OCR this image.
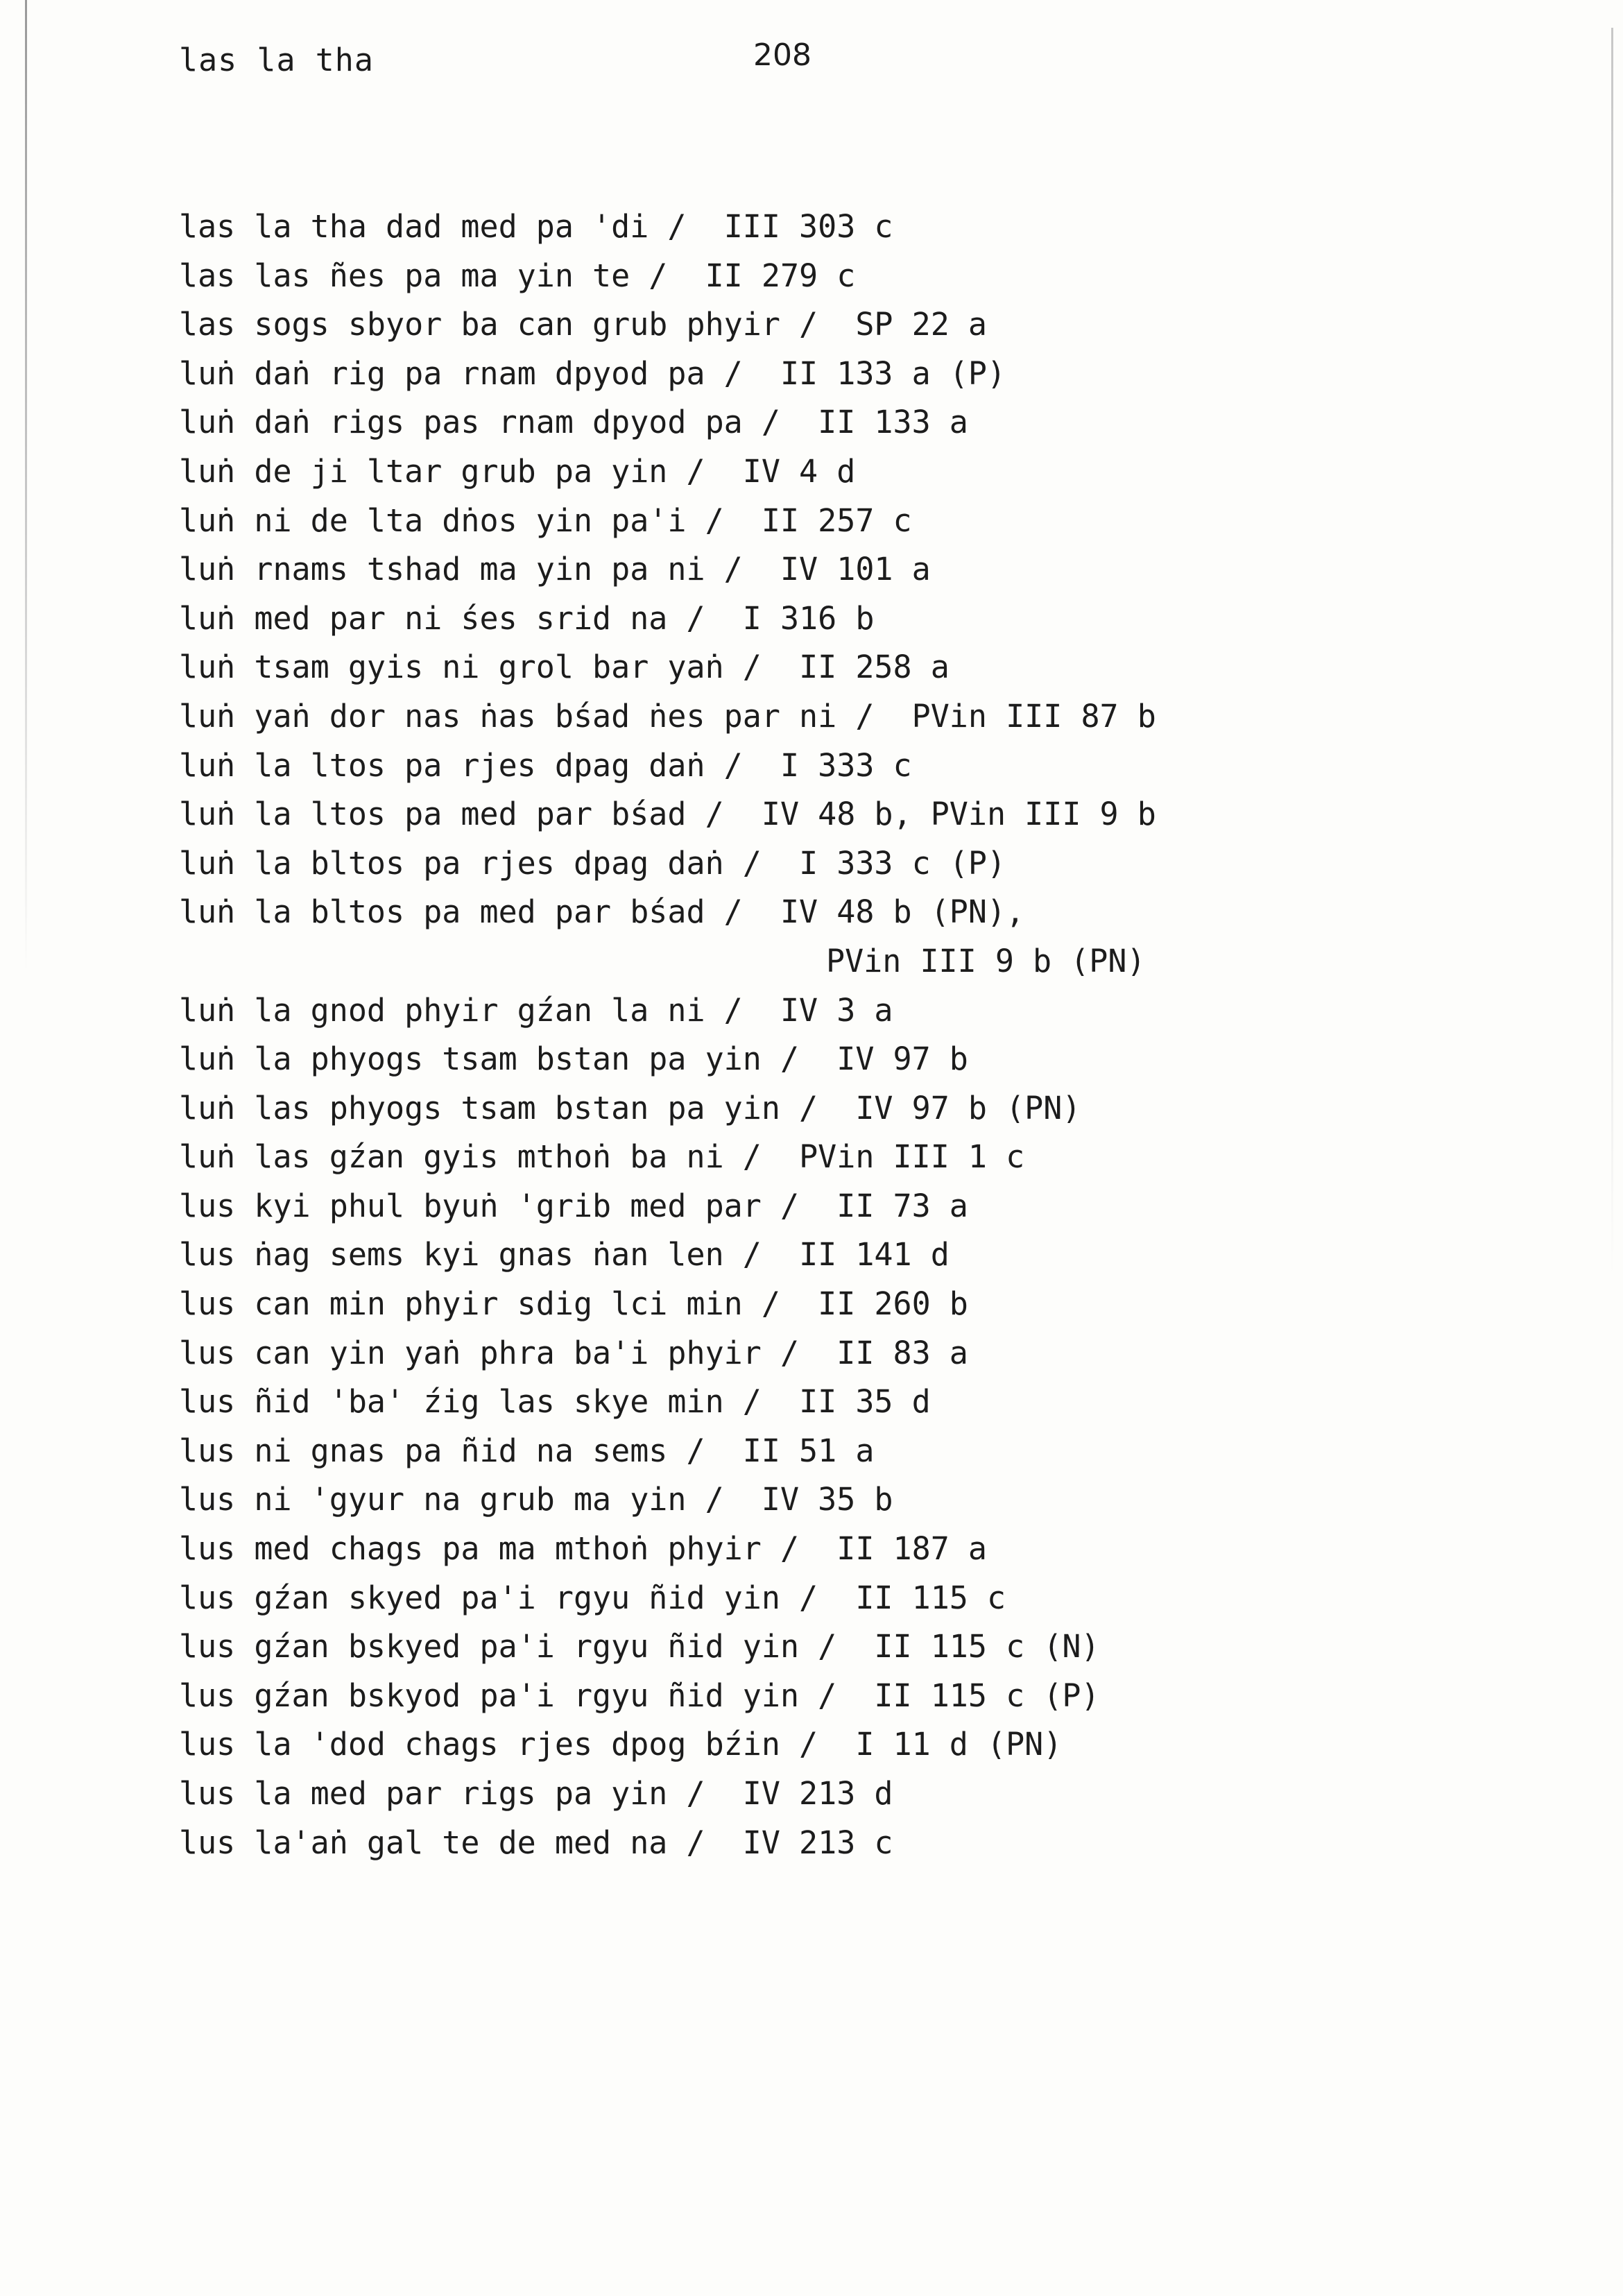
las la tha	208
las la tha dad med pa 'di / III 303 c
las las ñes pa ma yin te / II 279 c
las sogs sbyor ba can grub phyir / SP 22 a
luṅ daṅ rig pa rnam dpyod pa / II 133 a (P)
luṅ daṅ rigs pas rnam dpyod pa / II 133 a
luṅ de ji ltar grub pa yin / IV 4 d
luṅ ni de lta dṅos yin pa'i / II 257 c
luṅ rnams tshad ma yin pa ni / IV 101 a
luṅ med par ni śes srid na / I 316 b
luṅ tsam gyis ni grol bar yaṅ / II 258 a
luṅ yaṅ dor nas ṅas bśad ṅes par ni / PVin III 87 b
luṅ la ltos pa rjes dpag daṅ / I 333 c
luṅ la ltos pa med par bśad / IV 48 b, PVin III 9 b
luṅ la bltos pa rjes dpag daṅ / I 333 c (P)
luṅ la bltos pa med par bśad / IV 48 b (PN),
PVin III 9 b (PN)
luṅ la gnod phyir gźan la ni / IV 3 a
luṅ la phyogs tsam bstan pa yin / IV 97 b
luṅ las phyogs tsam bstan pa yin / IV 97 b (PN)
luṅ las gźan gyis mthoṅ ba ni / PVin III 1 c
lus kyi phul byuṅ 'grib med par / II 73 a
lus ṅag sems kyi gnas ṅan len / II 141 d
lus can min phyir sdig lci min / II 260 b
lus can yin yaṅ phra ba'i phyir / II 83 a
lus ñid 'ba' źig las skye min / II 35 d
lus ni gnas pa ñid na sems / II 51 a
lus ni 'gyur na grub ma yin / IV 35 b
lus med chags pa ma mthoṅ phyir / II 187 a
lus gźan skyed pa'i rgyu ñid yin / II 115 c
lus gźan bskyed pa'i rgyu ñid yin / II 115 c (N)
lus gźan bskyod pa'i rgyu ñid yin / II 115 c (P)
lus la 'dod chags rjes dpog bźin / I 11 d (PN)
lus la med par rigs pa yin / IV 213 d
lus la'aṅ gal te de med na / IV 213 c
